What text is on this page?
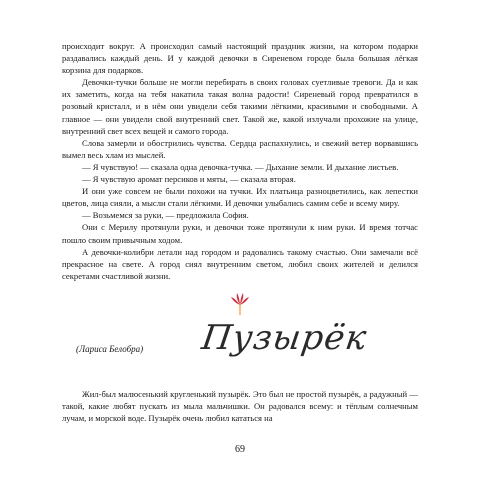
происходит вокруг. А происходил самый настоящий праздник жизни, на котором подарки раздавались каждый день. И у каждой девочки в Сиреневом городе была большая лёгкая корзина для подарков.

Девочки-тучки больше не могли перебирать в своих головах суетливые тревоги. Да и как их заметить, когда на тебя накатила такая волна радости! Сиреневый город превратился в розовый кристалл, и в нём они увидели себя такими лёгкими, красивыми и свободными. А главное — они увидели свой внутренний свет. Такой же, какой излучали прохожие на улице, внутренний свет всех вещей и самого города.

Слова замерли и обострились чувства. Сердца распахнулись, и свежий ветер ворвавшись вымел весь хлам из мыслей.

— Я чувствую! — сказала одна девочка-тучка. — Дыхание земли. И дыхание листьев.

— Я чувствую аромат персиков и мяты, — сказала вторая.

И они уже совсем не были похожи на тучки. Их платьица разноцветились, как лепестки цветов, лица сияли, а мысли стали лёгкими. И девочки улыбались самим себе и всему миру.

— Возьмемся за руки, — предложила София.

Они с Мерилу протянули руки, и девочки тоже протянули к ним руки. И время тотчас пошло своим привычным ходом.

А девочки-колибри летали над городом и радовались такому счастью. Они замечали всё прекрасное на свете. А город сиял внутренним светом, любил своих жителей и делился секретами счастливой жизни.

(Лариса Белобра) Пузырёк

Жил-был малюсенький кругленький пузырёк. Это был не простой пузырёк, а радужный — такой, какие любят пускать из мыла мальчишки. Он радовался всему: и тёплым солнечным лучам, и морской воде. Пузырёк очень любил кататься на

69
